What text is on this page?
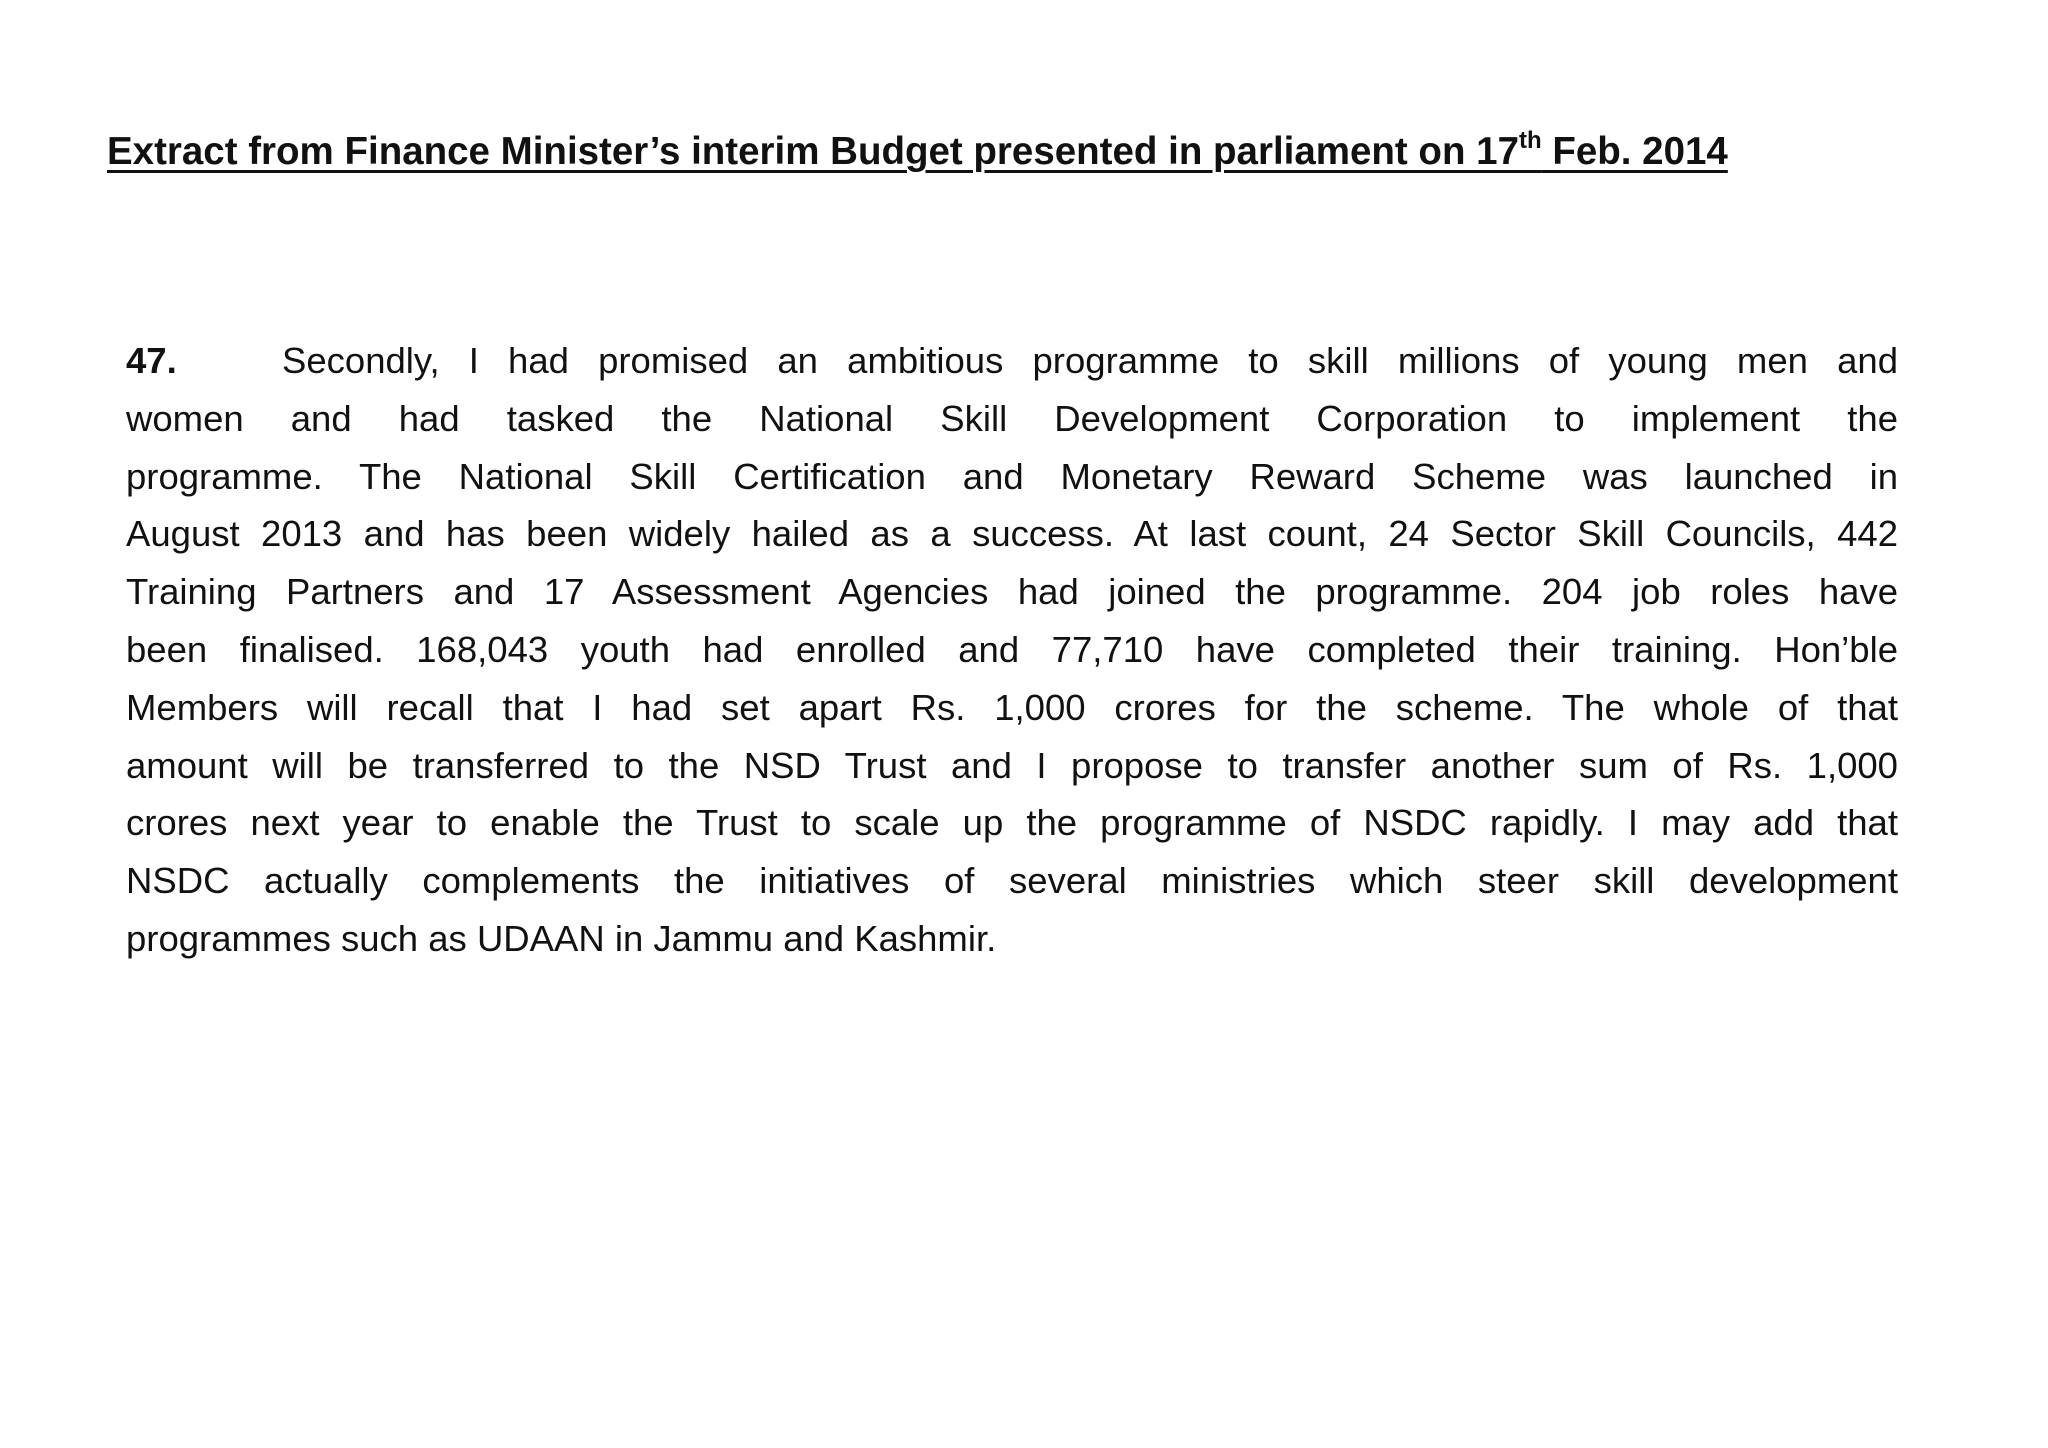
Extract from Finance Minister’s interim Budget presented in parliament on 17th Feb. 2014
47.	Secondly, I had promised an ambitious programme to skill millions of young men and
women and had tasked the National Skill Development Corporation to implement the
programme. The National Skill Certification and Monetary Reward Scheme was launched in
August 2013 and has been widely hailed as a success. At last count, 24 Sector Skill Councils, 442
Training Partners and 17 Assessment Agencies had joined the programme. 204 job roles have
been finalised. 168,043 youth had enrolled and 77,710 have completed their training. Hon’ble
Members will recall that I had set apart Rs. 1,000 crores for the scheme. The whole of that
amount will be transferred to the NSD Trust and I propose to transfer another sum of Rs. 1,000
crores next year to enable the Trust to scale up the programme of NSDC rapidly. I may add that
NSDC actually complements the initiatives of several ministries which steer skill development
programmes such as UDAAN in Jammu and Kashmir.
